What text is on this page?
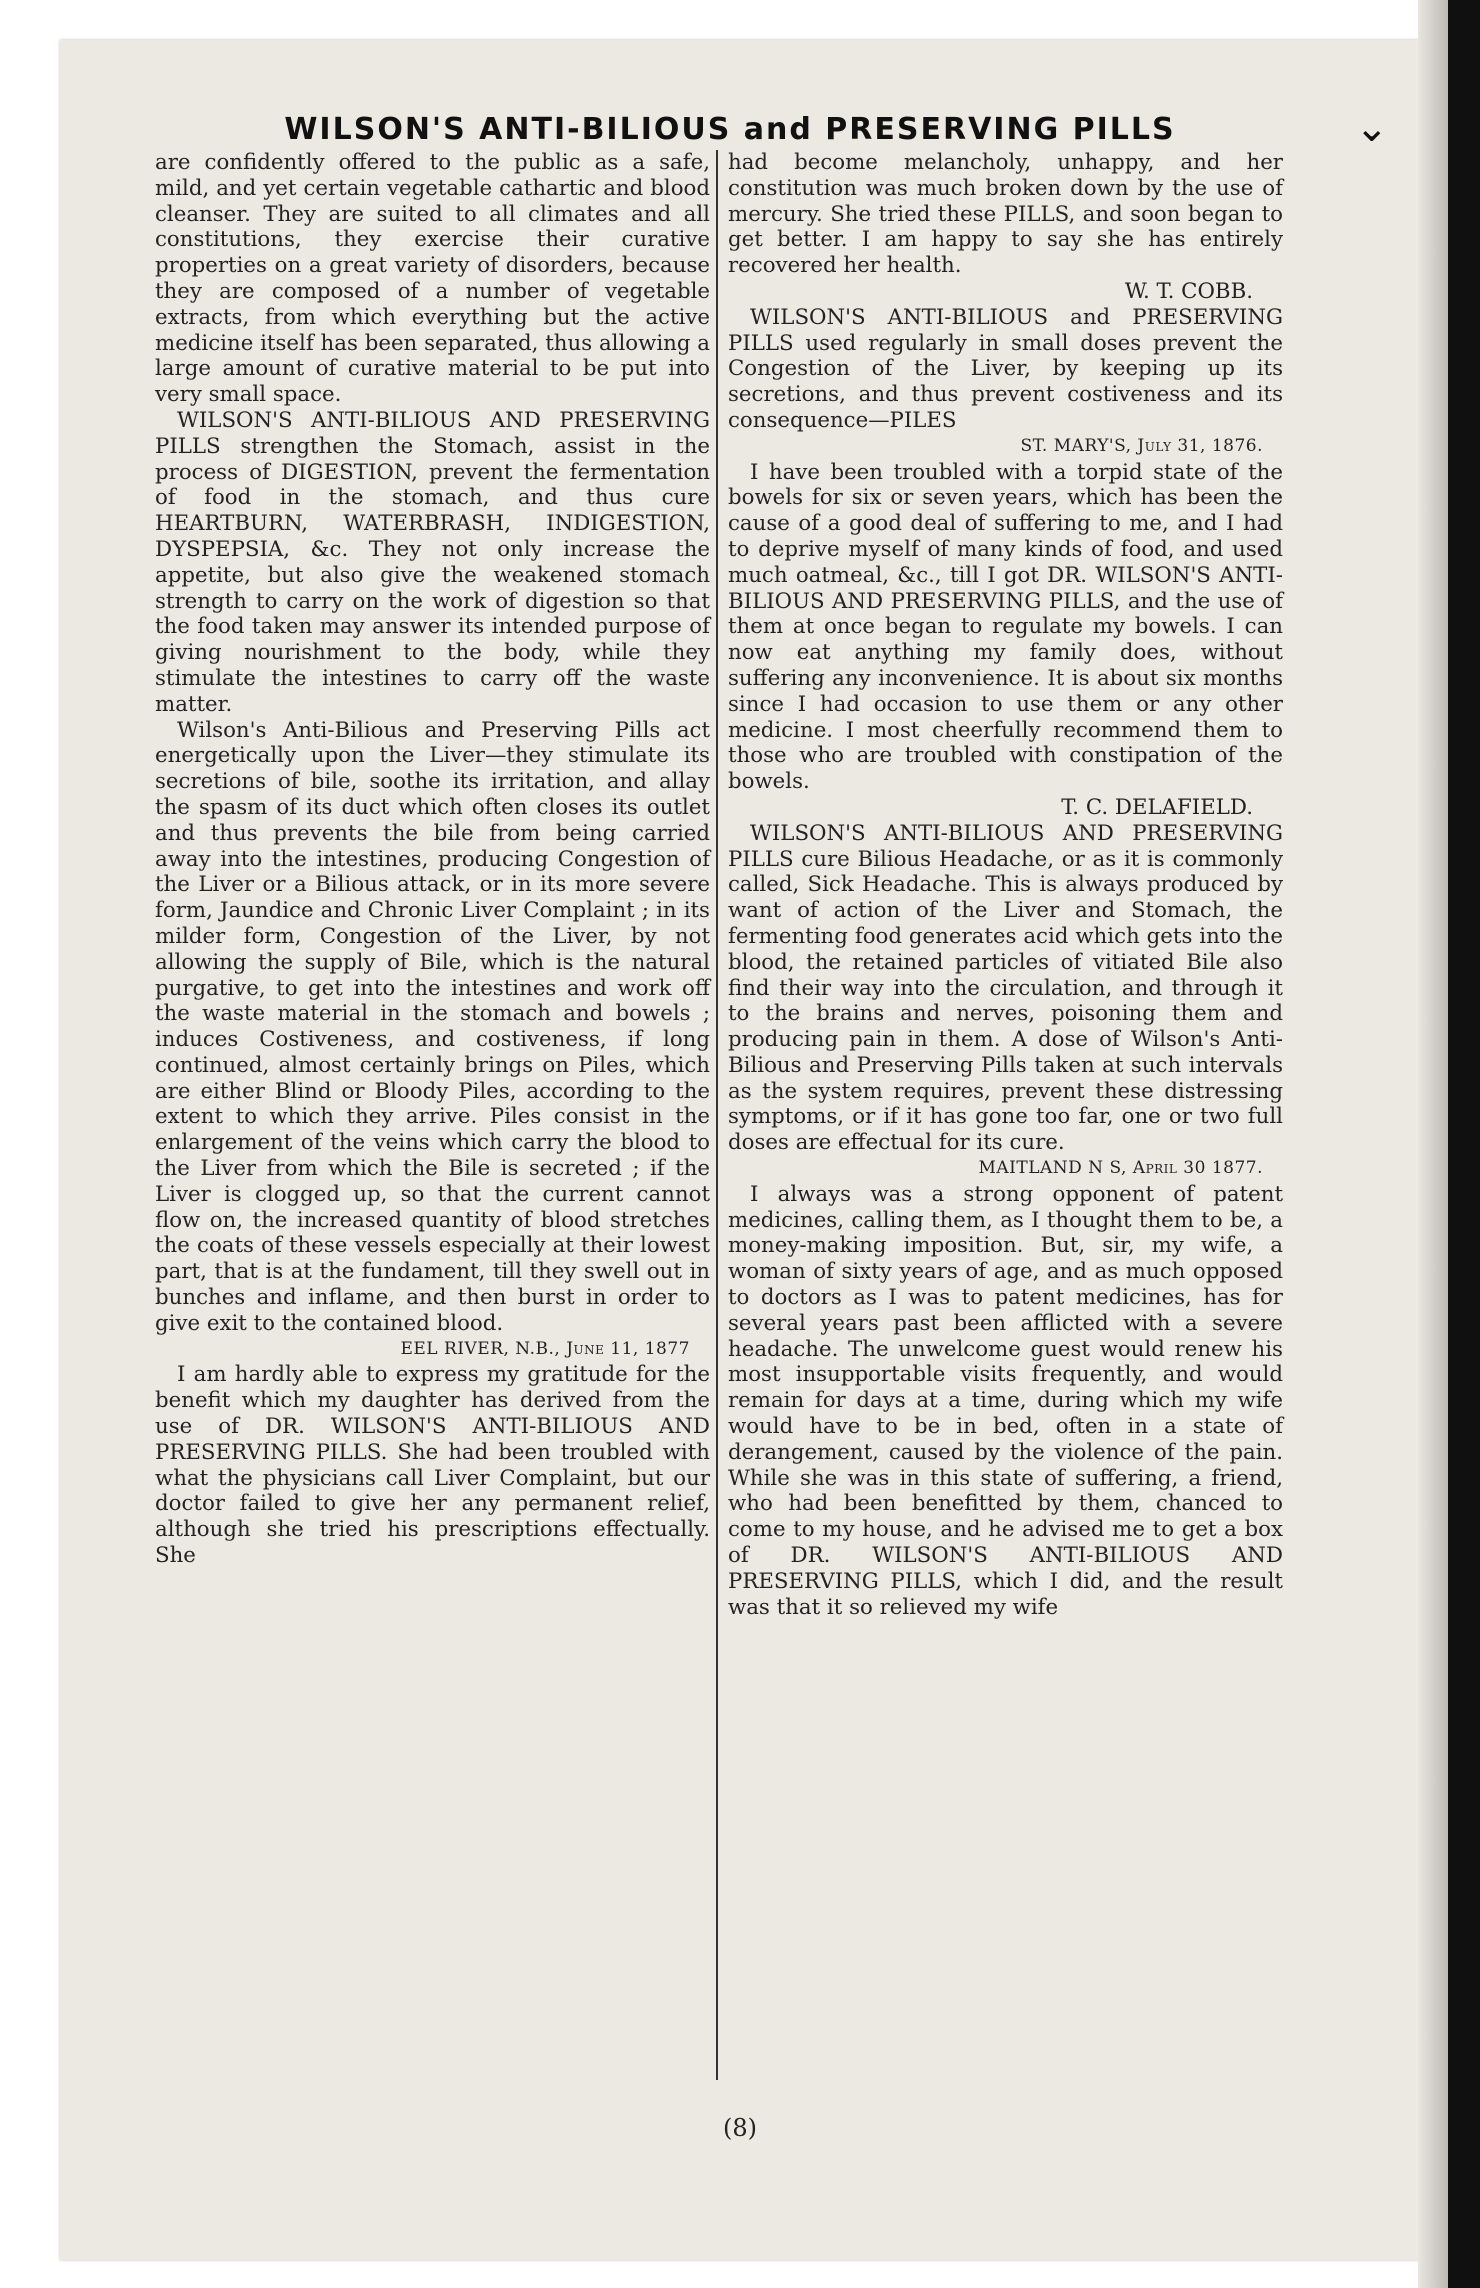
WILSON'S ANTI-BILIOUS and PRESERVING PILLS	⌄

are confidently offered to the public as a safe, mild, and yet certain vegetable cathartic and blood cleanser. They are suited to all climates and all constitutions, they exercise their curative properties on a great variety of disorders, because they are composed of a number of vegetable extracts, from which everything but the active medicine itself has been separated, thus allowing a large amount of curative material to be put into very small space.

WILSON'S ANTI-BILIOUS AND PRESERVING PILLS strengthen the Stomach, assist in the process of DIGESTION, prevent the fermentation of food in the stomach, and thus cure HEARTBURN, WATERBRASH, INDIGESTION, DYSPEPSIA, &c. They not only increase the appetite, but also give the weakened stomach strength to carry on the work of digestion so that the food taken may answer its intended purpose of giving nourishment to the body, while they stimulate the intestines to carry off the waste matter.

Wilson's Anti-Bilious and Preserving Pills act energetically upon the Liver—they stimulate its secretions of bile, soothe its irritation, and allay the spasm of its duct which often closes its outlet and thus prevents the bile from being carried away into the intestines, producing Congestion of the Liver or a Bilious attack, or in its more severe form, Jaundice and Chronic Liver Complaint ; in its milder form, Congestion of the Liver, by not allowing the supply of Bile, which is the natural purgative, to get into the intestines and work off the waste material in the stomach and bowels ; induces Costiveness, and costiveness, if long continued, almost certainly brings on Piles, which are either Blind or Bloody Piles, according to the extent to which they arrive. Piles consist in the enlargement of the veins which carry the blood to the Liver from which the Bile is secreted ; if the Liver is clogged up, so that the current cannot flow on, the increased quantity of blood stretches the coats of these vessels especially at their lowest part, that is at the fundament, till they swell out in bunches and inflame, and then burst in order to give exit to the contained blood.

EEL RIVER, N.B., June 11, 1877

I am hardly able to express my gratitude for the benefit which my daughter has derived from the use of DR. WILSON'S ANTI-BILIOUS AND PRESERVING PILLS. She had been troubled with what the physicians call Liver Complaint, but our doctor failed to give her any permanent relief, although she tried his prescriptions effectually. She

had become melancholy, unhappy, and her constitution was much broken down by the use of mercury. She tried these PILLS, and soon began to get better. I am happy to say she has entirely recovered her health.

W. T. COBB.

WILSON'S ANTI-BILIOUS and PRESERVING PILLS used regularly in small doses prevent the Congestion of the Liver, by keeping up its secretions, and thus prevent costiveness and its consequence—PILES

ST. MARY'S, July 31, 1876.

I have been troubled with a torpid state of the bowels for six or seven years, which has been the cause of a good deal of suffering to me, and I had to deprive myself of many kinds of food, and used much oatmeal, &c., till I got DR. WILSON'S ANTI-BILIOUS AND PRESERVING PILLS, and the use of them at once began to regulate my bowels. I can now eat anything my family does, without suffering any inconvenience. It is about six months since I had occasion to use them or any other medicine. I most cheerfully recommend them to those who are troubled with constipation of the bowels.

T. C. DELAFIELD.

WILSON'S ANTI-BILIOUS AND PRESERVING PILLS cure Bilious Headache, or as it is commonly called, Sick Headache. This is always produced by want of action of the Liver and Stomach, the fermenting food generates acid which gets into the blood, the retained particles of vitiated Bile also find their way into the circulation, and through it to the brains and nerves, poisoning them and producing pain in them. A dose of Wilson's Anti-Bilious and Preserving Pills taken at such intervals as the system requires, prevent these distressing symptoms, or if it has gone too far, one or two full doses are effectual for its cure.

MAITLAND N S, April 30 1877.

I always was a strong opponent of patent medicines, calling them, as I thought them to be, a money-making imposition. But, sir, my wife, a woman of sixty years of age, and as much opposed to doctors as I was to patent medicines, has for several years past been afflicted with a severe headache. The unwelcome guest would renew his most insupportable visits frequently, and would remain for days at a time, during which my wife would have to be in bed, often in a state of derangement, caused by the violence of the pain. While she was in this state of suffering, a friend, who had been benefitted by them, chanced to come to my house, and he advised me to get a box of DR. WILSON'S ANTI-BILIOUS AND PRESERVING PILLS, which I did, and the result was that it so relieved my wife

(8)
